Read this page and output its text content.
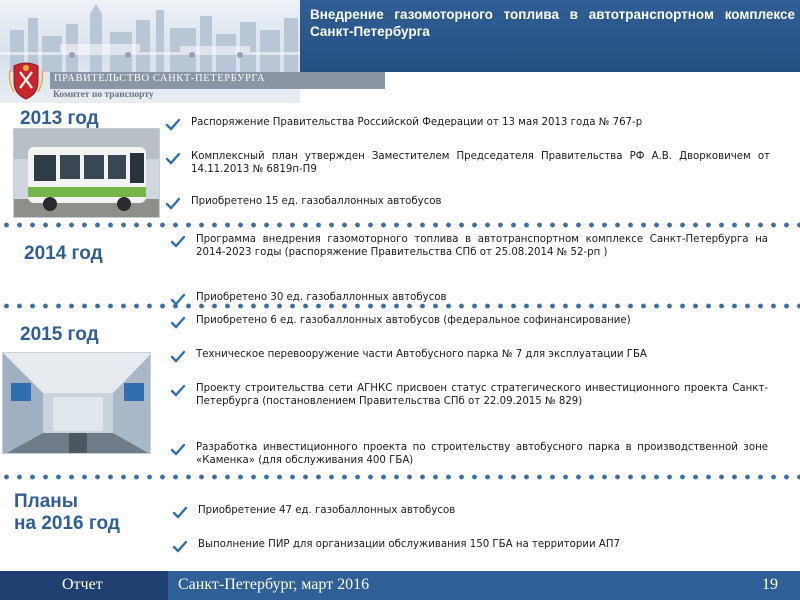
Внедрение газомоторного топлива в автотранспортном комплексе Санкт-Петербурга
ПРАВИТЕЛЬСТВО САНКТ-ПЕТЕРБУРГА
Комитет по транспорту
2013 год	Распоряжение Правительства Российской Федерации от 13 мая 2013 года № 767-р
Комплексный план утвержден Заместителем Председателя Правительства РФ А.В. Дворковичем от 14.11.2013 № 6819п-П9
Приобретено 15 ед. газобаллонных автобусов
2014 год
Программа внедрения газомоторного топлива в автотранспортном комплексе Санкт-Петербурга на 2014-2023 годы (распоряжение Правительства СПб от 25.08.2014 № 52-рп )
Приобретено 30 ед. газобаллонных автобусов
2015 год
Приобретено 6 ед. газобаллонных автобусов (федеральное софинансирование)
Техническое перевооружение части Автобусного парка № 7 для эксплуатации ГБА
Проекту строительства сети АГНКС присвоен статус стратегического инвестиционного проекта Санкт-Петербурга (постановлением Правительства СПб от 22.09.2015 № 829)
Разработка инвестиционного проекта по строительству автобусного парка в производственной зоне «Каменка» (для обслуживания 400 ГБА)
Планы
на 2016 год
Приобретение 47 ед. газобаллонных автобусов
Выполнение ПИР для организации обслуживания 150 ГБА на территории АП7
Отчет	Санкт-Петербург, март 2016	19
